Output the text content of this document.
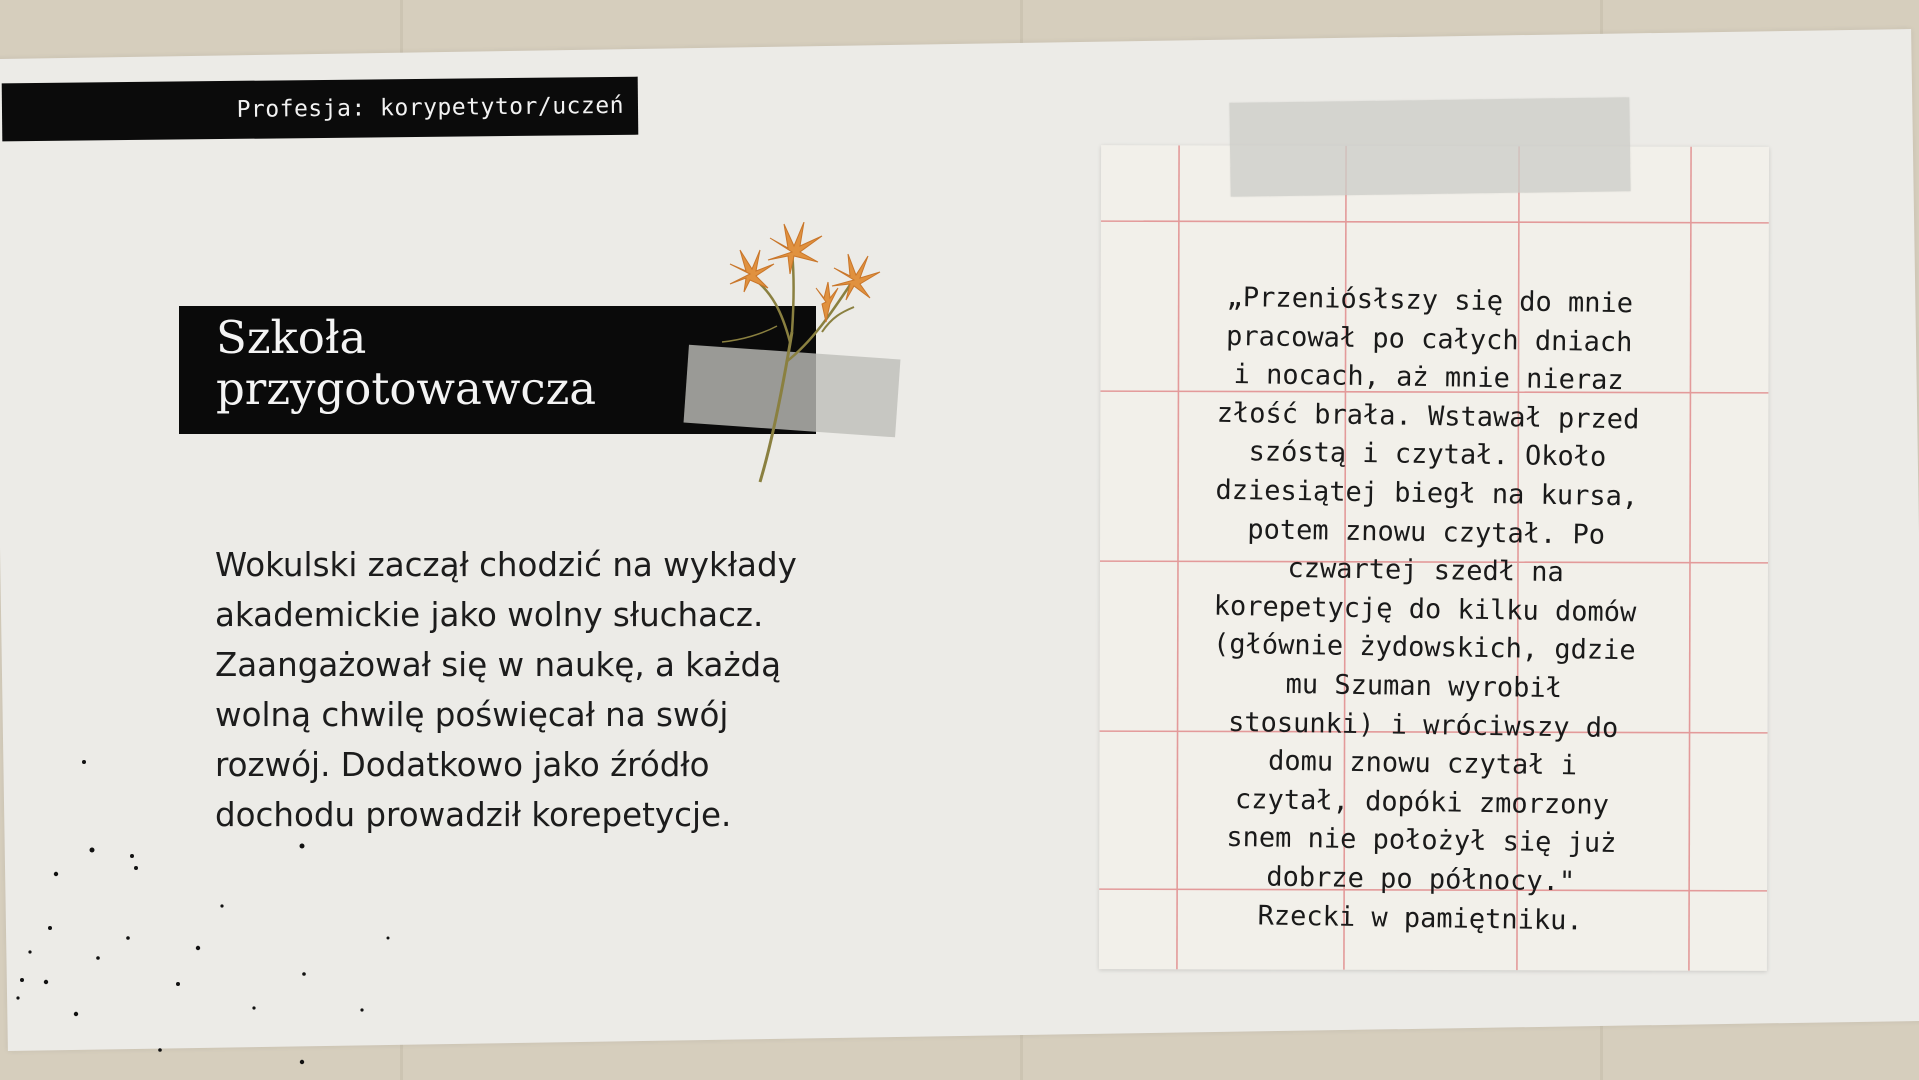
Profesja: korypetytor/uczeń
Szkoła
przygotowawcza
Wokulski zaczął chodzić na wykłady
akademickie jako wolny słuchacz.
Zaangażował się w naukę, a każdą
wolną chwilę poświęcał na swój
rozwój. Dodatkowo jako źródło
dochodu prowadził korepetycje.
„Przeniósłszy się do mnie
pracował po całych dniach
i nocach, aż mnie nieraz
złość brała. Wstawał przed
szóstą i czytał. Około
dziesiątej biegł na kursa,
potem znowu czytał. Po
czwartej szedł na
korepetycję do kilku domów
(głównie żydowskich, gdzie
mu Szuman wyrobił
stosunki) i wróciwszy do
domu znowu czytał i
czytał, dopóki zmorzony
snem nie położył się już
dobrze po północy."
Rzecki w pamiętniku.
